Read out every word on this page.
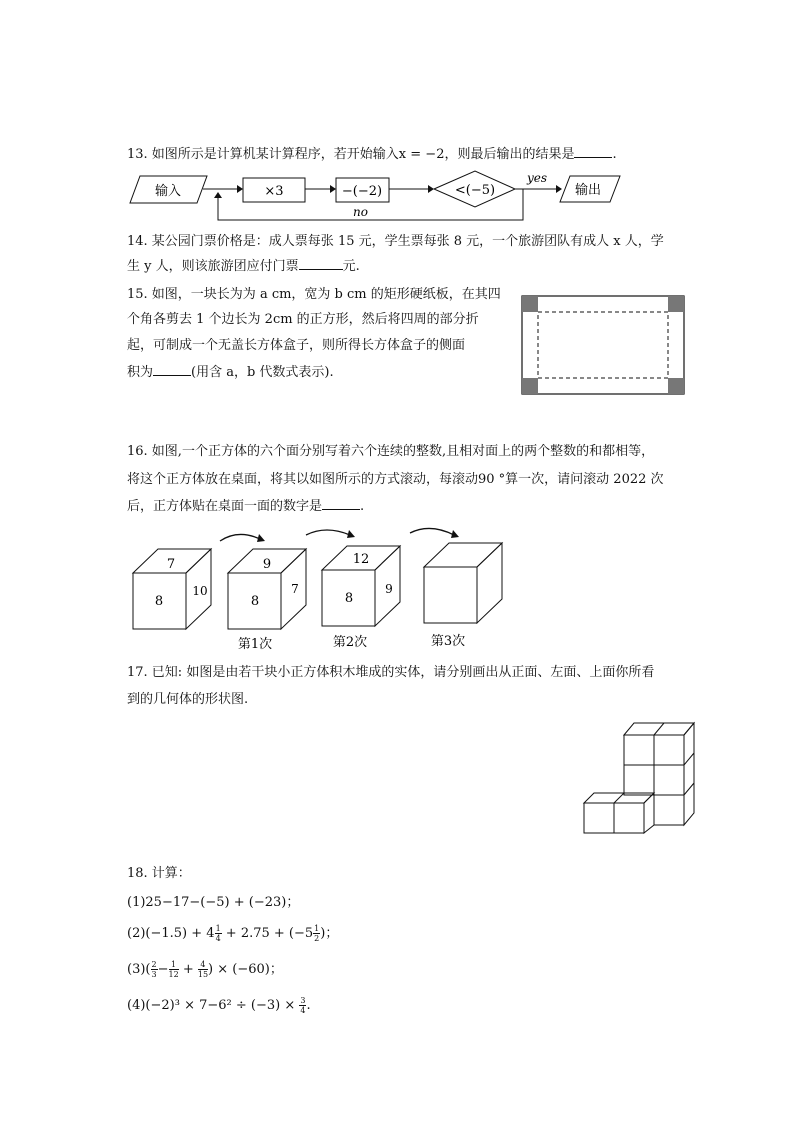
13. 如图所示是计算机某计算程序，若开始输入x = −2，则最后输出的结果是	.
输入	×3	−(−2)	<(−5)
yes
输出
no
14. 某公园门票价格是：成人票每张 15 元，学生票每张 8 元，一个旅游团队有成人 x 人，学
生 y 人，则该旅游团应付门票	元.
15. 如图，一块长为为 a cm，宽为 b cm 的矩形硬纸板，在其四
个角各剪去 1 个边长为 2cm 的正方形，然后将四周的部分折
起，可制成一个无盖长方体盒子，则所得长方体盒子的侧面
积为	(用含 a，b 代数式表示).
16. 如图,一个正方体的六个面分别写着六个连续的整数,且相对面上的两个整数的和都相等，
将这个正方体放在桌面，将其以如图所示的方式滚动，每滚动90 °算一次，请问滚动 2022 次
后，正方体贴在桌面一面的数字是	.
7
8
10
9
8
7
第1次
12
8
9
第2次	第3次
17. 已知: 如图是由若干块小正方体积木堆成的实体，请分别画出从正面、左面、上面你所看
到的几何体的形状图.
18. 计算：
(1)25−17−(−5) + (−23)；
$(2)(-1.5) + 4 \frac{1}{4} + 2.75 + (-5 \frac{1}{2}$ )；
$(3)( \frac{2}{3} - \frac{1}{12} + \frac{4}{15}$ ) × (−60)；
$(4)(-2)^3 \times 7-6^2 \div (-3) \times \frac{3}{4}$ .
